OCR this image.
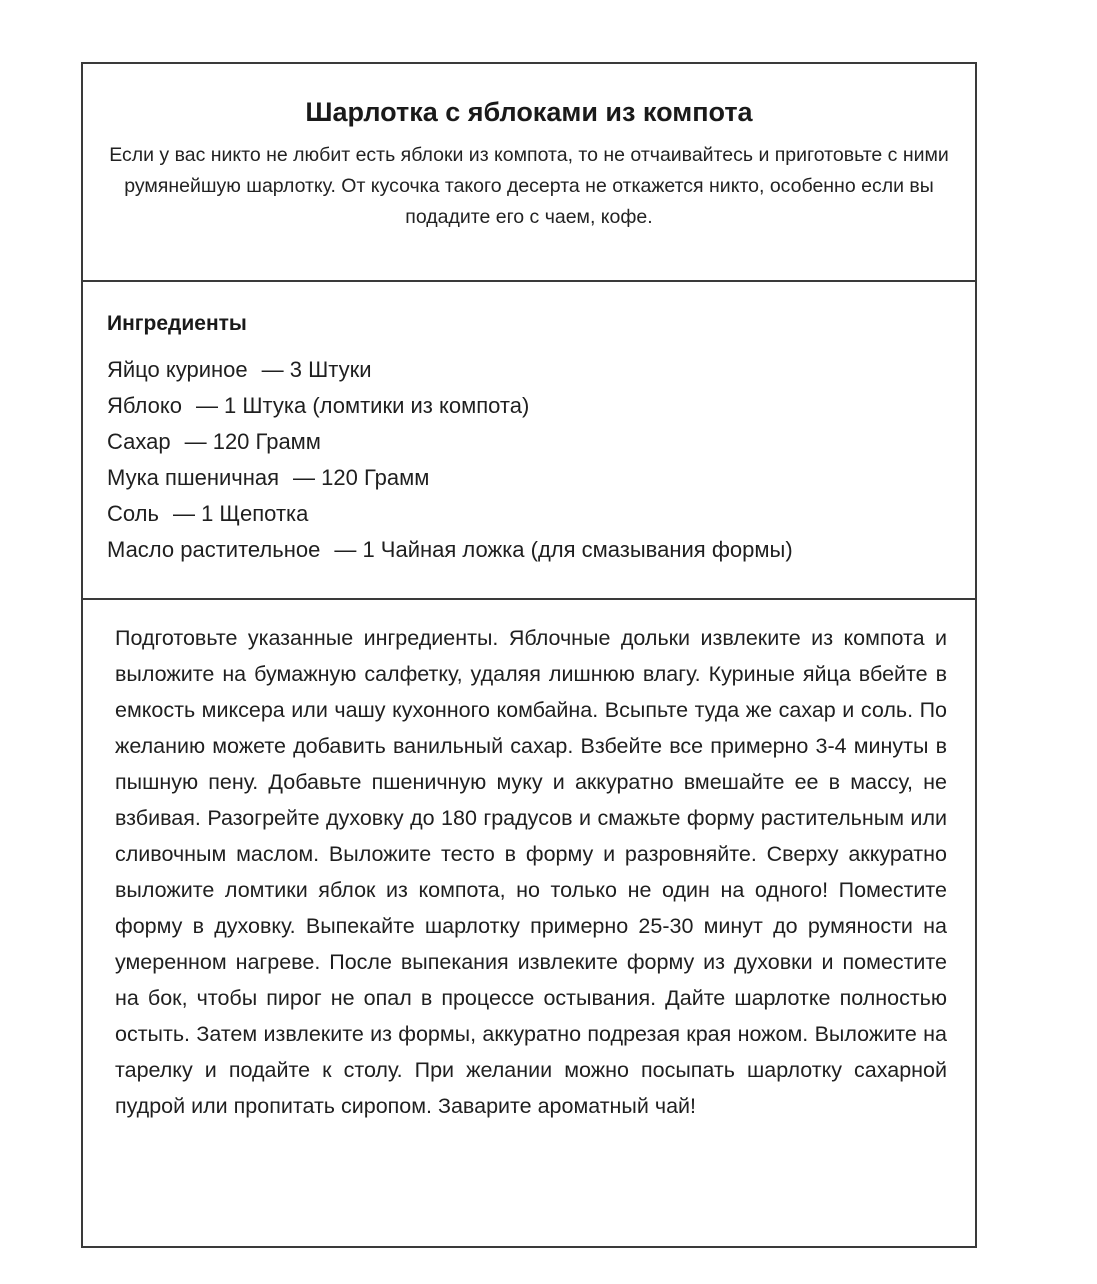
Шарлотка с яблоками из компота

Если у вас никто не любит есть яблоки из компота, то не отчаивайтесь и приготовьте с ними румянейшую шарлотку. От кусочка такого десерта не откажется никто, особенно если вы подадите его с чаем, кофе.

Ингредиенты
Яйцо куриное — 3 Штуки
Яблоко — 1 Штука (ломтики из компота)
Сахар — 120 Грамм
Мука пшеничная — 120 Грамм
Соль — 1 Щепотка
Масло растительное — 1 Чайная ложка (для смазывания формы)

Подготовьте указанные ингредиенты. Яблочные дольки извлеките из компота и выложите на бумажную салфетку, удаляя лишнюю влагу. Куриные яйца вбейте в емкость миксера или чашу кухонного комбайна. Всыпьте туда же сахар и соль. По желанию можете добавить ванильный сахар. Взбейте все примерно 3-4 минуты в пышную пену. Добавьте пшеничную муку и аккуратно вмешайте ее в массу, не взбивая. Разогрейте духовку до 180 градусов и смажьте форму растительным или сливочным маслом. Выложите тесто в форму и разровняйте. Сверху аккуратно выложите ломтики яблок из компота, но только не один на одного! Поместите форму в духовку. Выпекайте шарлотку примерно 25-30 минут до румяности на умеренном нагреве. После выпекания извлеките форму из духовки и поместите на бок, чтобы пирог не опал в процессе остывания. Дайте шарлотке полностью остыть. Затем извлеките из формы, аккуратно подрезая края ножом. Выложите на тарелку и подайте к столу. При желании можно посыпать шарлотку сахарной пудрой или пропитать сиропом. Заварите ароматный чай!
